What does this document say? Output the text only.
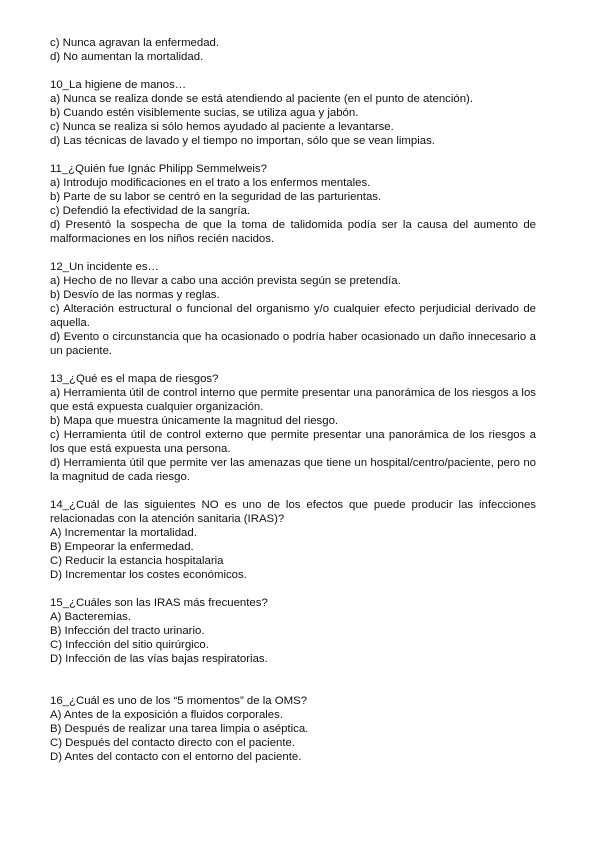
c) Nunca agravan la enfermedad.
d) No aumentan la mortalidad.
10_La higiene de manos…
a) Nunca se realiza donde se está atendiendo al paciente (en el punto de atención).
b) Cuando estén visiblemente sucias, se utiliza agua y jabón.
c) Nunca se realiza si sólo hemos ayudado al paciente a levantarse.
d) Las técnicas de lavado y el tiempo no importan, sólo que se vean limpias.
11_¿Quién fue Ignác Philipp Semmelweis?
a) Introdujo modificaciones en el trato a los enfermos mentales.
b) Parte de su labor se centró en la seguridad de las parturientas.
c) Defendió la efectividad de la sangría.
d) Presentó la sospecha de que la toma de talidomida podía ser la causa del aumento de malformaciones en los niños recién nacidos.
12_Un incidente es…
a) Hecho de no llevar a cabo una acción prevista según se pretendía.
b) Desvío de las normas y reglas.
c) Alteración estructural o funcional del organismo y/o cualquier efecto perjudicial derivado de aquella.
d) Evento o circunstancia que ha ocasionado o podría haber ocasionado un daño innecesario a un paciente.
13_¿Qué es el mapa de riesgos?
a) Herramienta útil de control interno que permite presentar una panorámica de los riesgos a los que está expuesta cualquier organización.
b) Mapa que muestra únicamente la magnitud del riesgo.
c) Herramienta útil de control externo que permite presentar una panorámica de los riesgos a los que está expuesta una persona.
d) Herramienta útil que permite ver las amenazas que tiene un hospital/centro/paciente, pero no la magnitud de cada riesgo.
14_¿Cuál de las siguientes NO es uno de los efectos que puede producir las infecciones relacionadas con la atención sanitaria (IRAS)?
A) Incrementar la mortalidad.
B) Empeorar la enfermedad.
C) Reducir la estancia hospitalaria
D) Incrementar los costes económicos.
15_¿Cuáles son las IRAS más frecuentes?
A) Bacteremias.
B) Infección del tracto urinario.
C) Infección del sitio quirúrgico.
D) Infección de las vías bajas respiratorias.
16_¿Cuál es uno de los “5 momentos” de la OMS?
A) Antes de la exposición a fluidos corporales.
B) Después de realizar una tarea limpia o aséptica.
C) Después del contacto directo con el paciente.
D) Antes del contacto con el entorno del paciente.
